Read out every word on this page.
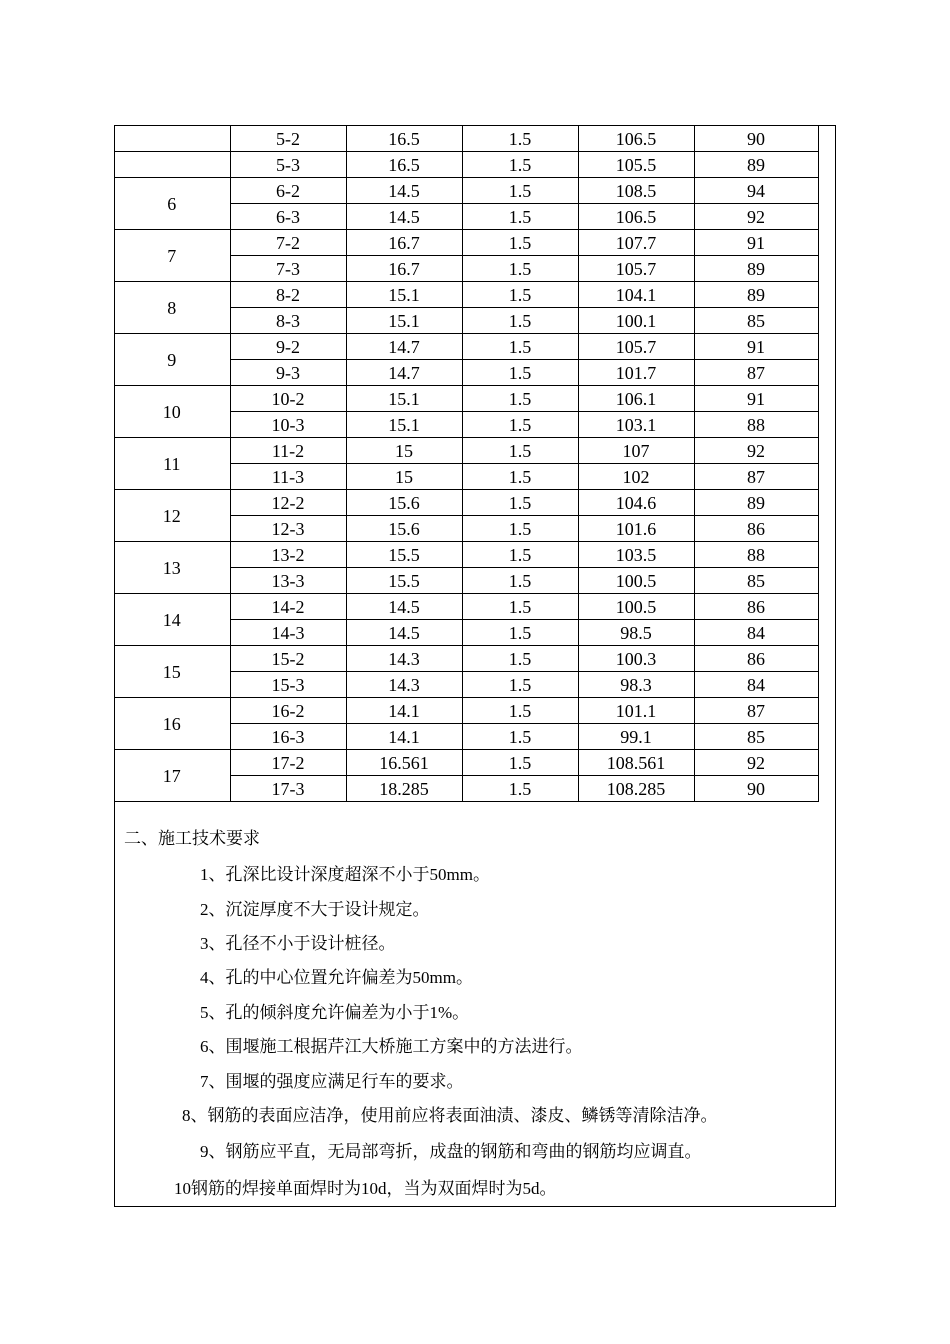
	5-2	16.5	1.5	106.5	90
	5-3	16.5	1.5	105.5	89
6	6-2	14.5	1.5	108.5	94
	6-3	14.5	1.5	106.5	92
7	7-2	16.7	1.5	107.7	91
	7-3	16.7	1.5	105.7	89
8	8-2	15.1	1.5	104.1	89
	8-3	15.1	1.5	100.1	85
9	9-2	14.7	1.5	105.7	91
	9-3	14.7	1.5	101.7	87
10	10-2	15.1	1.5	106.1	91
	10-3	15.1	1.5	103.1	88
11	11-2	15	1.5	107	92
	11-3	15	1.5	102	87
12	12-2	15.6	1.5	104.6	89
	12-3	15.6	1.5	101.6	86
13	13-2	15.5	1.5	103.5	88
	13-3	15.5	1.5	100.5	85
14	14-2	14.5	1.5	100.5	86
	14-3	14.5	1.5	98.5	84
15	15-2	14.3	1.5	100.3	86
	15-3	14.3	1.5	98.3	84
16	16-2	14.1	1.5	101.1	87
	16-3	14.1	1.5	99.1	85
17	17-2	16.561	1.5	108.561	92
	17-3	18.285	1.5	108.285	90
二、施工技术要求
1、孔深比设计深度超深不小于50mm。
2、沉淀厚度不大于设计规定。
3、孔径不小于设计桩径。
4、孔的中心位置允许偏差为50mm。
5、孔的倾斜度允许偏差为小于1%。
6、围堰施工根据芹江大桥施工方案中的方法进行。
7、围堰的强度应满足行车的要求。
8、钢筋的表面应洁净，使用前应将表面油渍、漆皮、鳞锈等清除洁净。
9、钢筋应平直，无局部弯折，成盘的钢筋和弯曲的钢筋均应调直。
10钢筋的焊接单面焊时为10d，当为双面焊时为5d。
